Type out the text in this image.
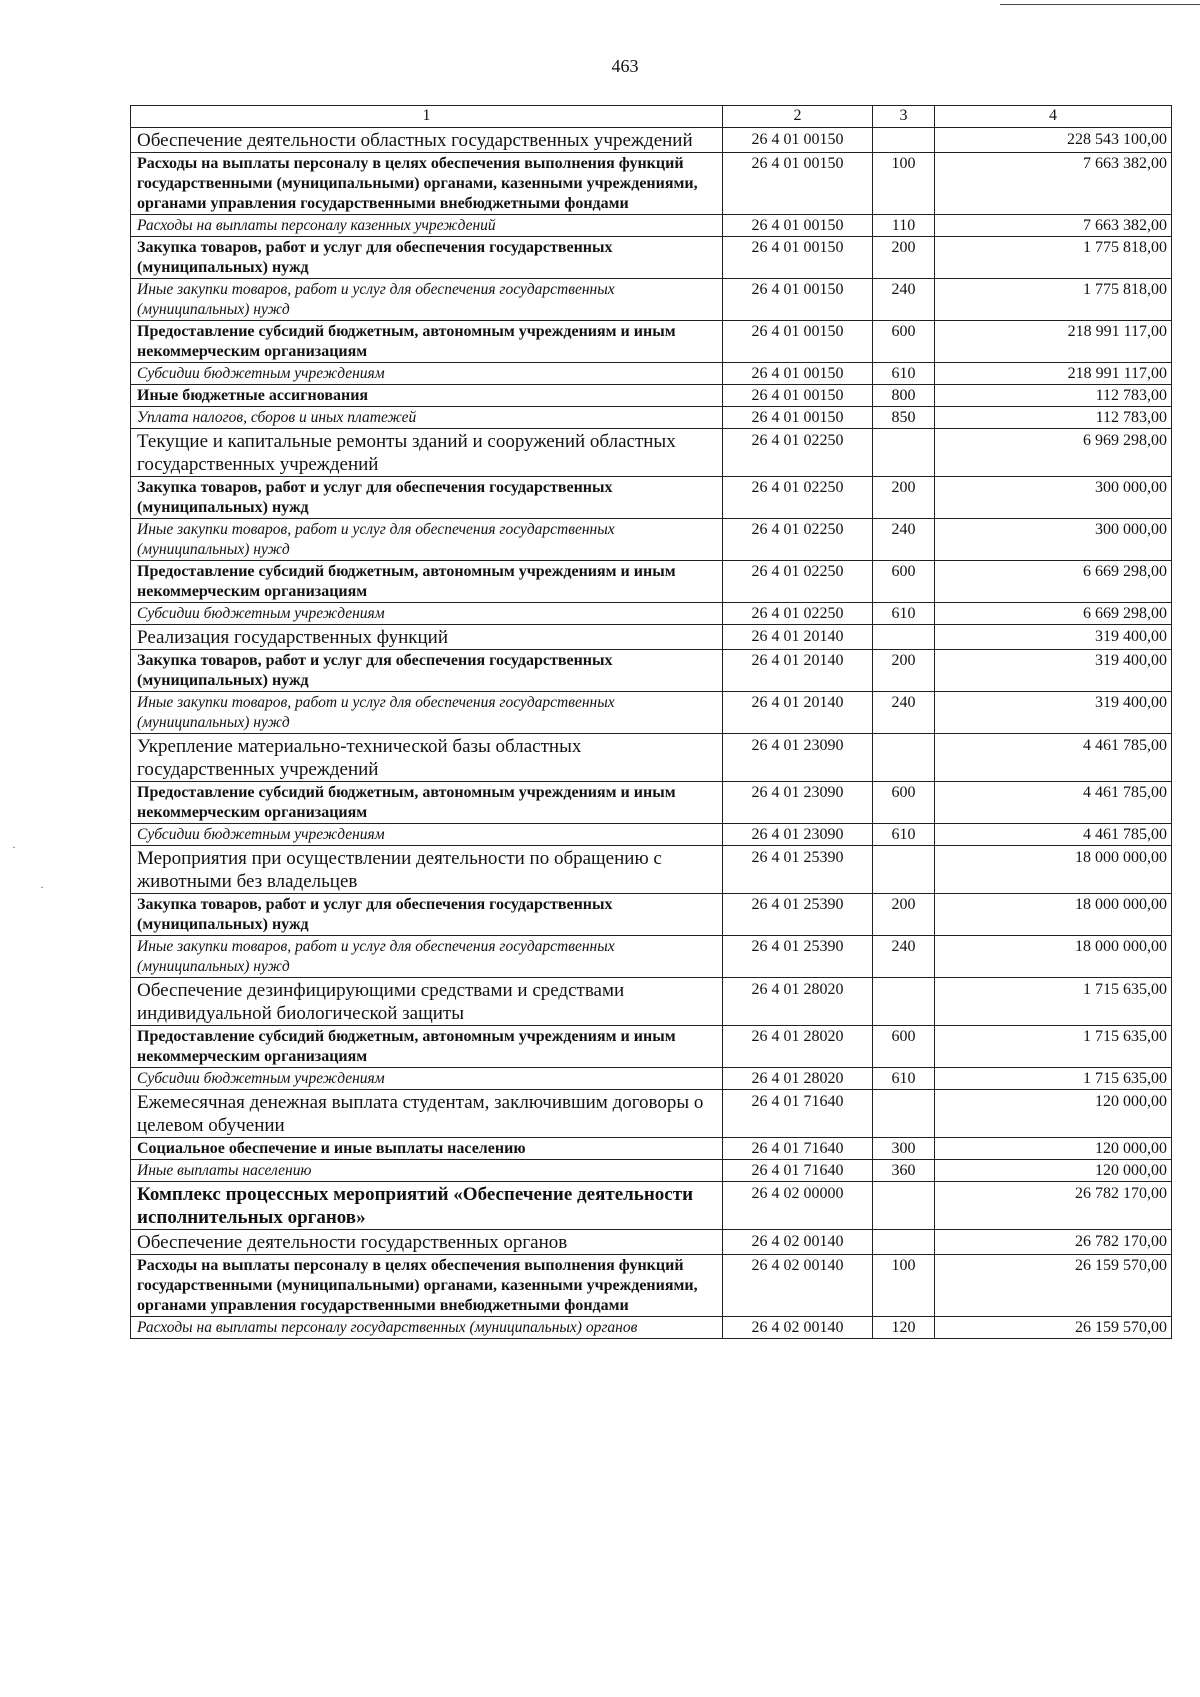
·
·
463
1	2	3	4
Обеспечение деятельности областных государственных учреждений	26 4 01 00150		228 543 100,00
Расходы на выплаты персоналу в целях обеспечения выполнения функций государственными (муниципальными) органами, казенными учреждениями, органами управления государственными внебюджетными фондами	26 4 01 00150	100	7 663 382,00
Расходы на выплаты персоналу казенных учреждений	26 4 01 00150	110	7 663 382,00
Закупка товаров, работ и услуг для обеспечения государственных (муниципальных) нужд	26 4 01 00150	200	1 775 818,00
Иные закупки товаров, работ и услуг для обеспечения государственных (муниципальных) нужд	26 4 01 00150	240	1 775 818,00
Предоставление субсидий бюджетным, автономным учреждениям и иным некоммерческим организациям	26 4 01 00150	600	218 991 117,00
Субсидии бюджетным учреждениям	26 4 01 00150	610	218 991 117,00
Иные бюджетные ассигнования	26 4 01 00150	800	112 783,00
Уплата налогов, сборов и иных платежей	26 4 01 00150	850	112 783,00
Текущие и капитальные ремонты зданий и сооружений областных государственных учреждений	26 4 01 02250		6 969 298,00
Закупка товаров, работ и услуг для обеспечения государственных (муниципальных) нужд	26 4 01 02250	200	300 000,00
Иные закупки товаров, работ и услуг для обеспечения государственных (муниципальных) нужд	26 4 01 02250	240	300 000,00
Предоставление субсидий бюджетным, автономным учреждениям и иным некоммерческим организациям	26 4 01 02250	600	6 669 298,00
Субсидии бюджетным учреждениям	26 4 01 02250	610	6 669 298,00
Реализация государственных функций	26 4 01 20140		319 400,00
Закупка товаров, работ и услуг для обеспечения государственных (муниципальных) нужд	26 4 01 20140	200	319 400,00
Иные закупки товаров, работ и услуг для обеспечения государственных (муниципальных) нужд	26 4 01 20140	240	319 400,00
Укрепление материально-технической базы областных государственных учреждений	26 4 01 23090		4 461 785,00
Предоставление субсидий бюджетным, автономным учреждениям и иным некоммерческим организациям	26 4 01 23090	600	4 461 785,00
Субсидии бюджетным учреждениям	26 4 01 23090	610	4 461 785,00
Мероприятия при осуществлении деятельности по обращению с животными без владельцев	26 4 01 25390		18 000 000,00
Закупка товаров, работ и услуг для обеспечения государственных (муниципальных) нужд	26 4 01 25390	200	18 000 000,00
Иные закупки товаров, работ и услуг для обеспечения государственных (муниципальных) нужд	26 4 01 25390	240	18 000 000,00
Обеспечение дезинфицирующими средствами и средствами индивидуальной биологической защиты	26 4 01 28020		1 715 635,00
Предоставление субсидий бюджетным, автономным учреждениям и иным некоммерческим организациям	26 4 01 28020	600	1 715 635,00
Субсидии бюджетным учреждениям	26 4 01 28020	610	1 715 635,00
Ежемесячная денежная выплата студентам, заключившим договоры о целевом обучении	26 4 01 71640		120 000,00
Социальное обеспечение и иные выплаты населению	26 4 01 71640	300	120 000,00
Иные выплаты населению	26 4 01 71640	360	120 000,00
Комплекс процессных мероприятий «Обеспечение деятельности исполнительных органов»	26 4 02 00000		26 782 170,00
Обеспечение деятельности государственных органов	26 4 02 00140		26 782 170,00
Расходы на выплаты персоналу в целях обеспечения выполнения функций государственными (муниципальными) органами, казенными учреждениями, органами управления государственными внебюджетными фондами	26 4 02 00140	100	26 159 570,00
Расходы на выплаты персоналу государственных (муниципальных) органов	26 4 02 00140	120	26 159 570,00
